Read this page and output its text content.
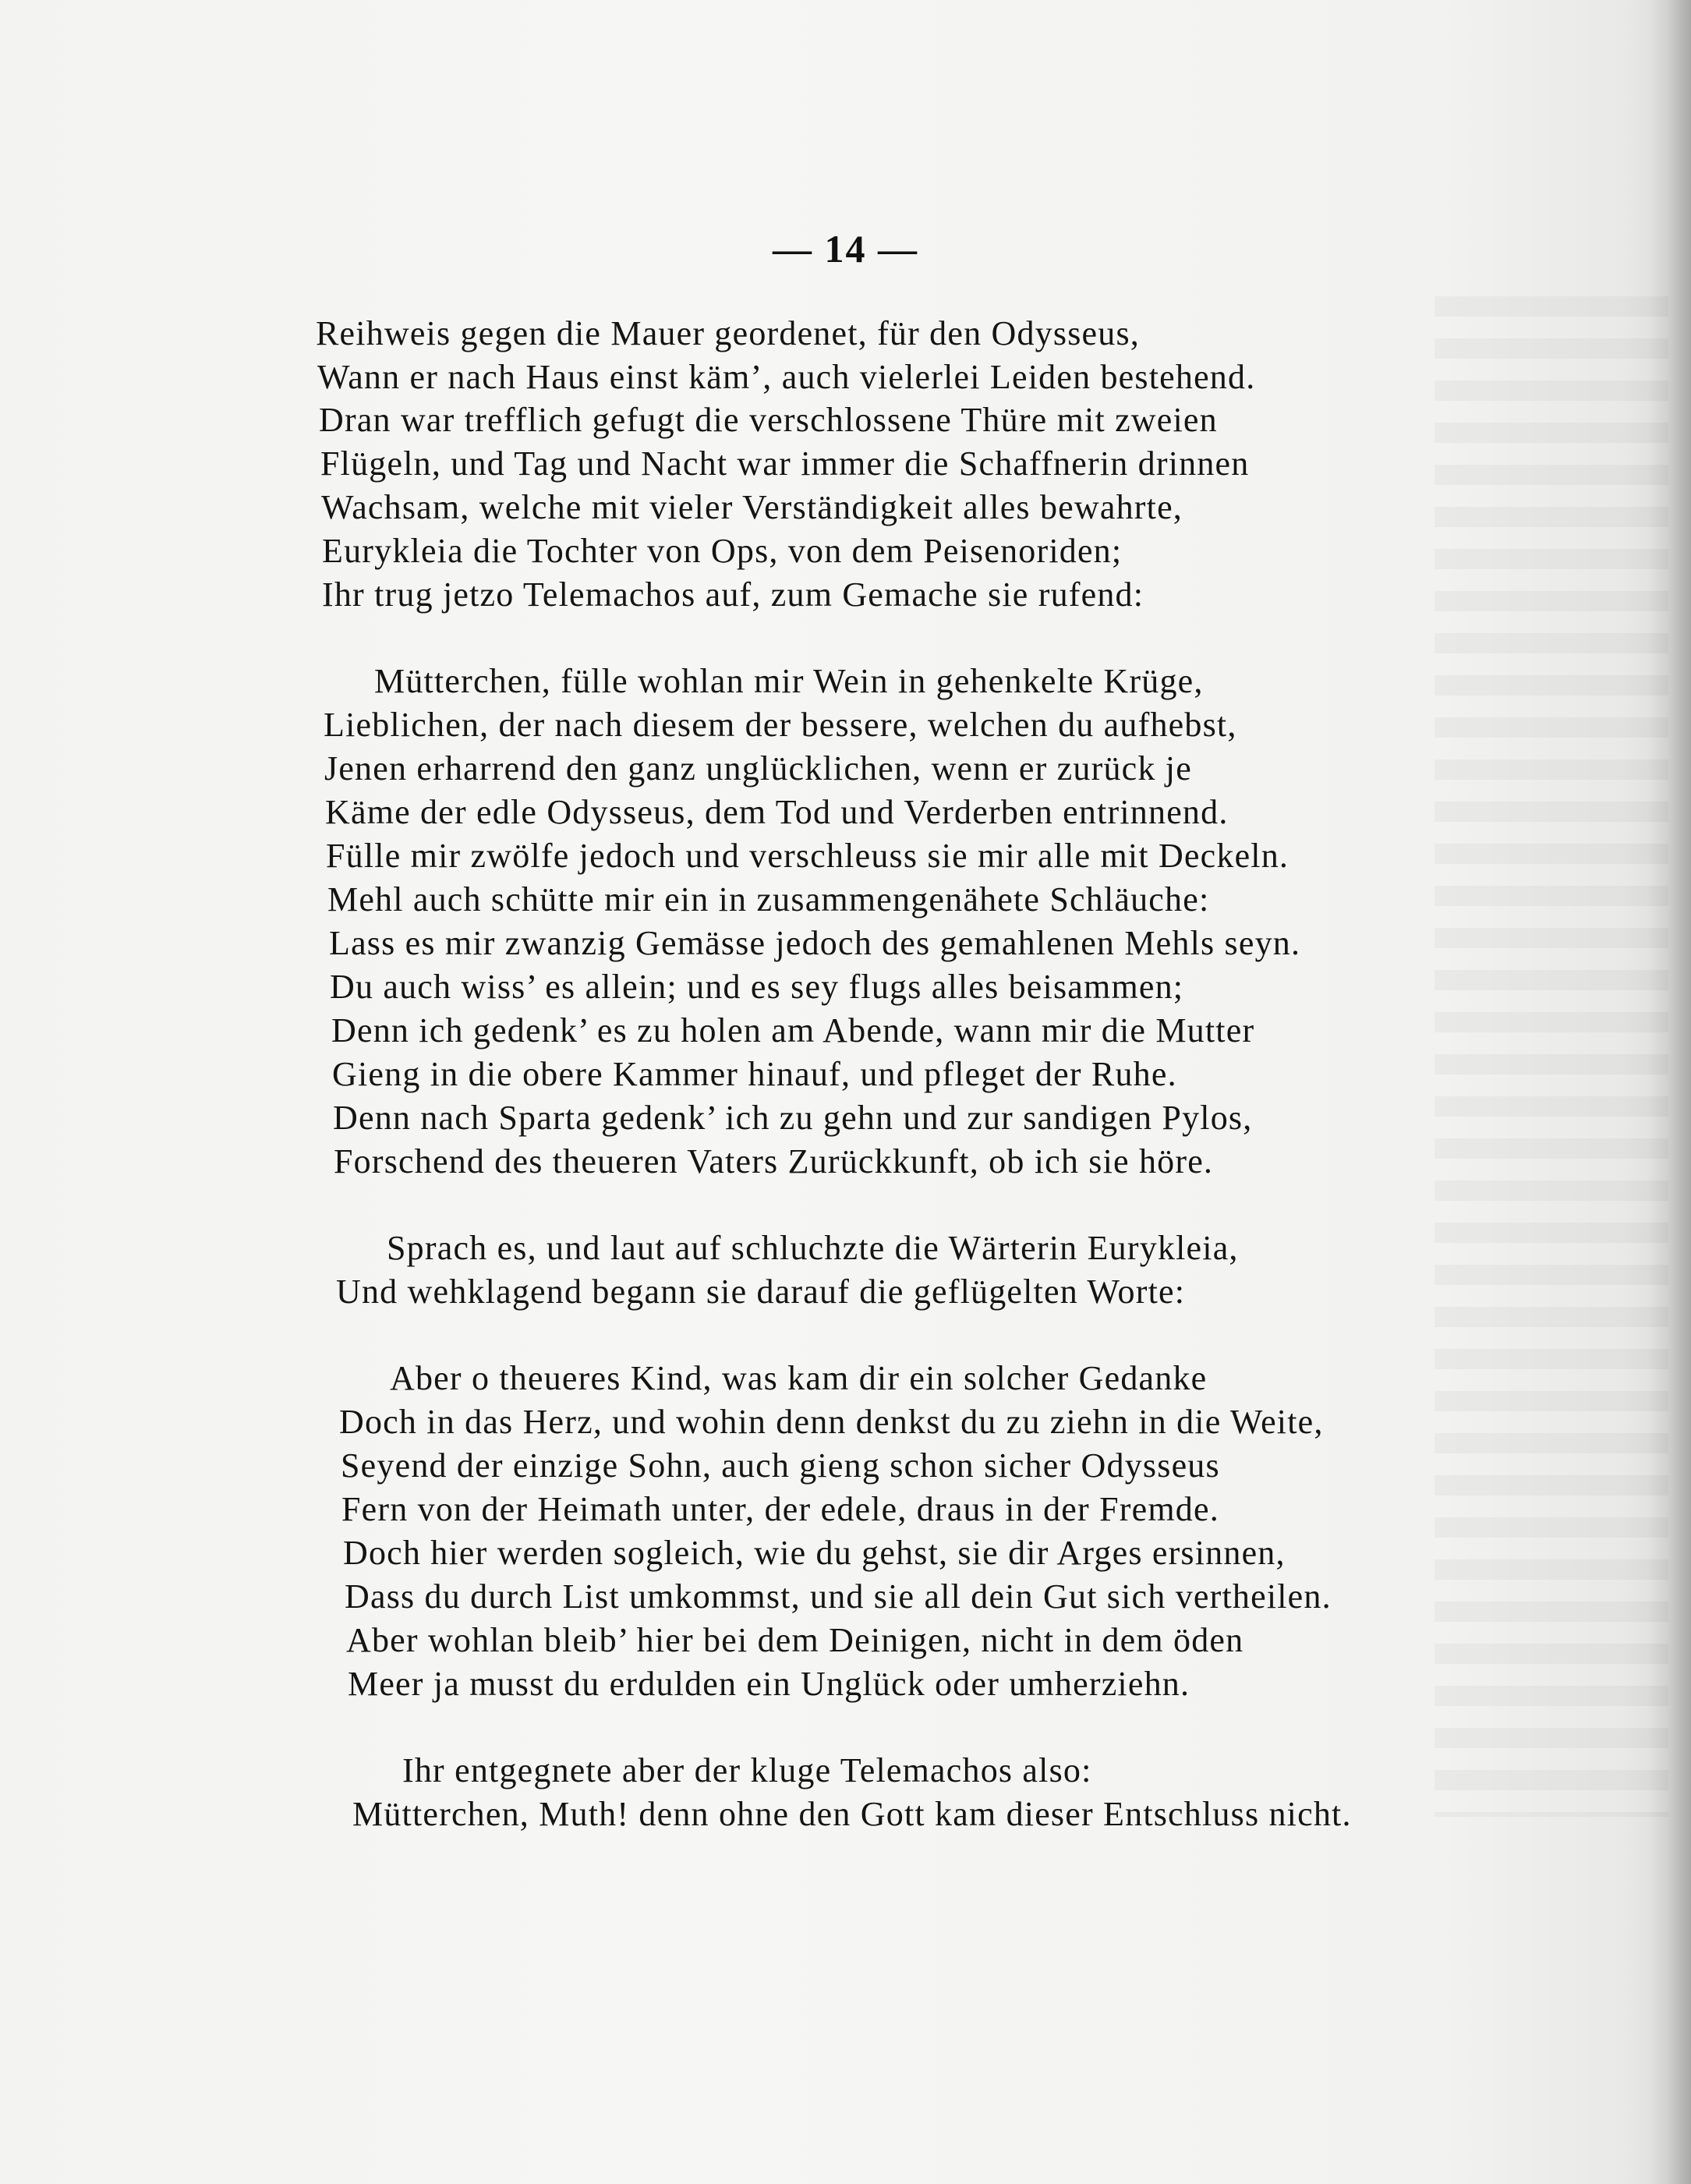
— 14 —
Reihweis gegen die Mauer geordenet, für den Odysseus,
Wann er nach Haus einst käm’, auch vielerlei Leiden bestehend.
Dran war trefflich gefugt die verschlossene Thüre mit zweien
Flügeln, und Tag und Nacht war immer die Schaffnerin drinnen
Wachsam, welche mit vieler Verständigkeit alles bewahrte,
Eurykleia die Tochter von Ops, von dem Peisenoriden;
Ihr trug jetzo Telemachos auf, zum Gemache sie rufend:
Mütterchen, fülle wohlan mir Wein in gehenkelte Krüge,
Lieblichen, der nach diesem der bessere, welchen du aufhebst,
Jenen erharrend den ganz unglücklichen, wenn er zurück je
Käme der edle Odysseus, dem Tod und Verderben entrinnend.
Fülle mir zwölfe jedoch und verschleuss sie mir alle mit Deckeln.
Mehl auch schütte mir ein in zusammengenähete Schläuche:
Lass es mir zwanzig Gemässe jedoch des gemahlenen Mehls seyn.
Du auch wiss’ es allein; und es sey flugs alles beisammen;
Denn ich gedenk’ es zu holen am Abende, wann mir die Mutter
Gieng in die obere Kammer hinauf, und pfleget der Ruhe.
Denn nach Sparta gedenk’ ich zu gehn und zur sandigen Pylos,
Forschend des theueren Vaters Zurückkunft, ob ich sie höre.
Sprach es, und laut auf schluchzte die Wärterin Eurykleia,
Und wehklagend begann sie darauf die geflügelten Worte:
Aber o theueres Kind, was kam dir ein solcher Gedanke
Doch in das Herz, und wohin denn denkst du zu ziehn in die Weite,
Seyend der einzige Sohn, auch gieng schon sicher Odysseus
Fern von der Heimath unter, der edele, draus in der Fremde.
Doch hier werden sogleich, wie du gehst, sie dir Arges ersinnen,
Dass du durch List umkommst, und sie all dein Gut sich vertheilen.
Aber wohlan bleib’ hier bei dem Deinigen, nicht in dem öden
Meer ja musst du erdulden ein Unglück oder umherziehn.
Ihr entgegnete aber der kluge Telemachos also:
Mütterchen, Muth! denn ohne den Gott kam dieser Entschluss nicht.
